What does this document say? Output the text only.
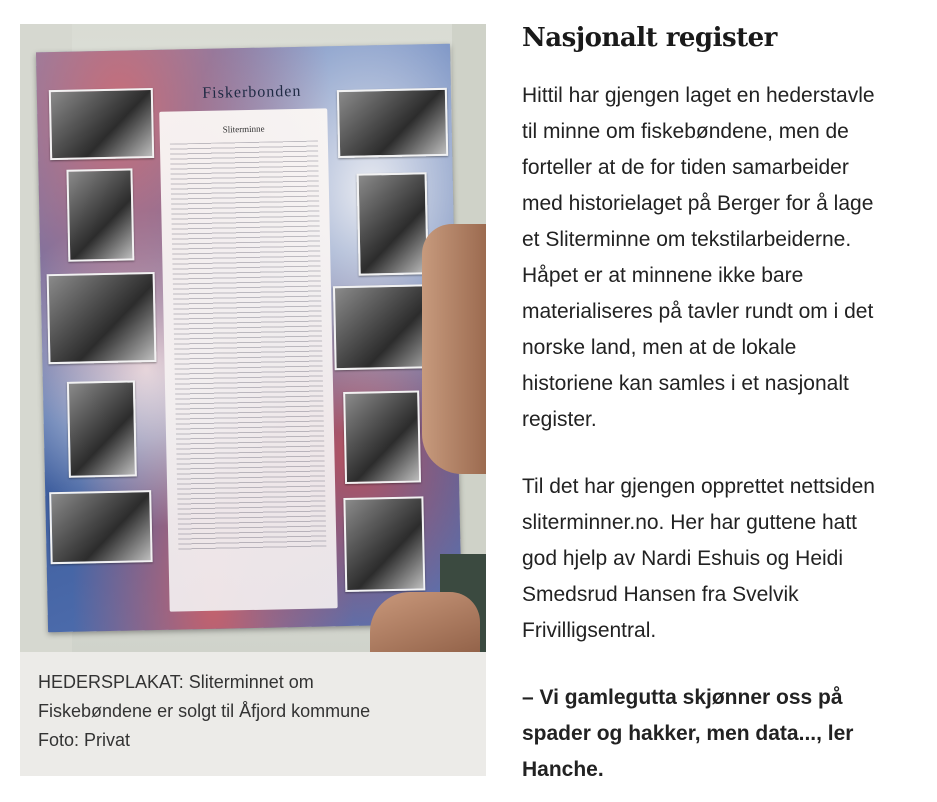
Fiskerbonden
Sliterminne

HEDERSPLAKAT: Sliterminnet om

Fiskebøndene er solgt til Åfjord kommune

Foto: Privat

Nasjonalt register

Hittil har gjengen laget en hederstavle
til minne om fiskebøndene, men de
forteller at de for tiden samarbeider
med historielaget på Berger for å lage
et Sliterminne om tekstilarbeiderne.
Håpet er at minnene ikke bare
materialiseres på tavler rundt om i det
norske land, men at de lokale
historiene kan samles i et nasjonalt
register.

Til det har gjengen opprettet nettsiden
sliterminner.no. Her har guttene hatt
god hjelp av Nardi Eshuis og Heidi
Smedsrud Hansen fra Svelvik
Frivilligsentral.

– Vi gamlegutta skjønner oss på
spader og hakker, men data..., ler
Hanche.
